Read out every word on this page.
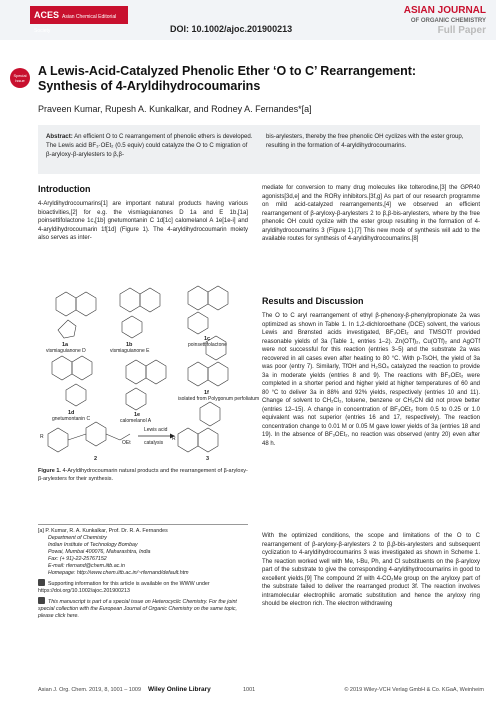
ACES Asian Chemical Editorial Society	DOI: 10.1002/ajoc.201900213
ASIAN JOURNAL
OF ORGANIC CHEMISTRY
Full Paper
Special Issue
A Lewis-Acid-Catalyzed Phenolic Ether ‘O to C’ Rearrangement: Synthesis of 4-Aryldihydrocoumarins
Praveen Kumar, Rupesh A. Kunkalkar, and Rodney A. Fernandes*[a]
Abstract: An efficient O to C rearrangement of phenolic ethers is developed. The Lewis acid BF₃·OEt₂ (0.5 equiv) could catalyze the O to C migration of β-aryloxy-β-arylesters to β,β-
bis-arylesters, thereby the free phenolic OH cyclizes with the ester group, resulting in the formation of 4-aryldihydrocoumarins.
Introduction
4-Aryldihydrocoumarins[1] are important natural products having various bioactivities,[2] for e.g. the vismiaguianones D 1a and E 1b,[1a] poinsettifolactone 1c,[1b] gnetumontanin C 1d[1c] calomelanol A 1e[1e-i] and 4-aryldihydrocoumarin 1f[1d] (Figure 1). The 4-aryldihydrocoumarin moiety also serves as inter-
1a
vismiaguianone D
1b
vismiaguianone E
1c
poinsettifolactone
1d
gnetumontanin C
1e
calomelanol A
1f
isolated from Polygonum perfoliatum
Lewis acid
catalysis
R
OEt
R
2	3
Figure 1. 4-Aryldihydrocoumarin natural products and the rearrangement of β-aryloxy-β-arylesters for their synthesis.
[a] P. Kumar, R. A. Kunkalkar, Prof. Dr. R. A. Fernandes
Department of Chemistry
Indian Institute of Technology Bombay
Powai, Mumbai 400076, Maharashtra, India
Fax: (+ 91)-22-25767152
E-mail: rfernand@chem.iitb.ac.in
Homepage: http://www.chem.iitb.ac.in/~rfernand/default.htm
Supporting information for this article is available on the WWW under https://doi.org/10.1002/ajoc.201900213
This manuscript is part of a special issue on Heterocyclic Chemistry. For the joint special collection with the European Journal of Organic Chemistry on the same topic, please click here.
mediate for conversion to many drug molecules like tolterodine,[3] the GPR40 agonists[3d,e] and the RORγ inhibitors.[3f,g] As part of our research programme on mild acid-catalyzed rearrangements,[4] we observed an efficient rearrangement of β-aryloxy-β-arylesters 2 to β,β-bis-arylesters, where by the free phenolic OH could cyclize with the ester group resulting in the formation of 4-aryldihydrocoumarins 3 (Figure 1).[7] This new mode of synthesis will add to the available routes for synthesis of 4-aryldihydrocoumarins.[8]
Results and Discussion
The O to C aryl rearrangement of ethyl β-phenoxy-β-phenylpropionate 2a was optimized as shown in Table 1. In 1,2-dichloroethane (DCE) solvent, the various Lewis and Brønsted acids investigated, BF₃OEt₂ and TMSOTf provided reasonable yields of 3a (Table 1, entries 1–2). Zn(OTf)₂, Cu(OTf)₂ and AgOTf were not successful for this reaction (entries 3–5) and the substrate 2a was recovered in all cases even after heating to 80 °C. With p-TsOH, the yield of 3a was poor (entry 7). Similarly, TfOH and H₂SO₄ catalyzed the reaction to provide 3a in moderate yields (entries 8 and 9). The reactions with BF₃OEt₂ were completed in a shorter period and higher yield at higher temperatures of 60 and 80 °C to deliver 3a in 88% and 92% yields, respectively (entries 10 and 11). Change of solvent to CH₂Cl₂, toluene, benzene or CH₃CN did not prove better (entries 12–15). A change in concentration of BF₃OEt₂ from 0.5 to 0.25 or 1.0 equivalent was not superior (entries 16 and 17, respectively). The reaction concentration change to 0.01 M or 0.05 M gave lower yields of 3a (entries 18 and 19). In the absence of BF₃OEt₂, no reaction was observed (entry 20) even after 48 h.
With the optimized conditions, the scope and limitations of the O to C rearrangement of β-aryloxy-β-arylesters 2 to β,β-bis-arylesters and subsequent cyclization to 4-aryldihydrocoumarins 3 was investigated as shown in Scheme 1. The reaction worked well with Me, t-Bu, Ph, and Cl substituents on the β-aryloxy part of the substrate to give the corresponding 4-aryldihydrocoumarins in good to excellent yields.[9] The compound 2f with 4-CO₂Me group on the aryloxy part of the substrate failed to deliver the rearranged product 3f. The reaction involves intramolecular electrophilic aromatic substitution and hence the aryloxy ring should be electron rich. The electron withdrawing
Asian J. Org. Chem. 2019, 8, 1001 – 1009 Wiley Online Library	1001	© 2019 Wiley-VCH Verlag GmbH & Co. KGaA, Weinheim
